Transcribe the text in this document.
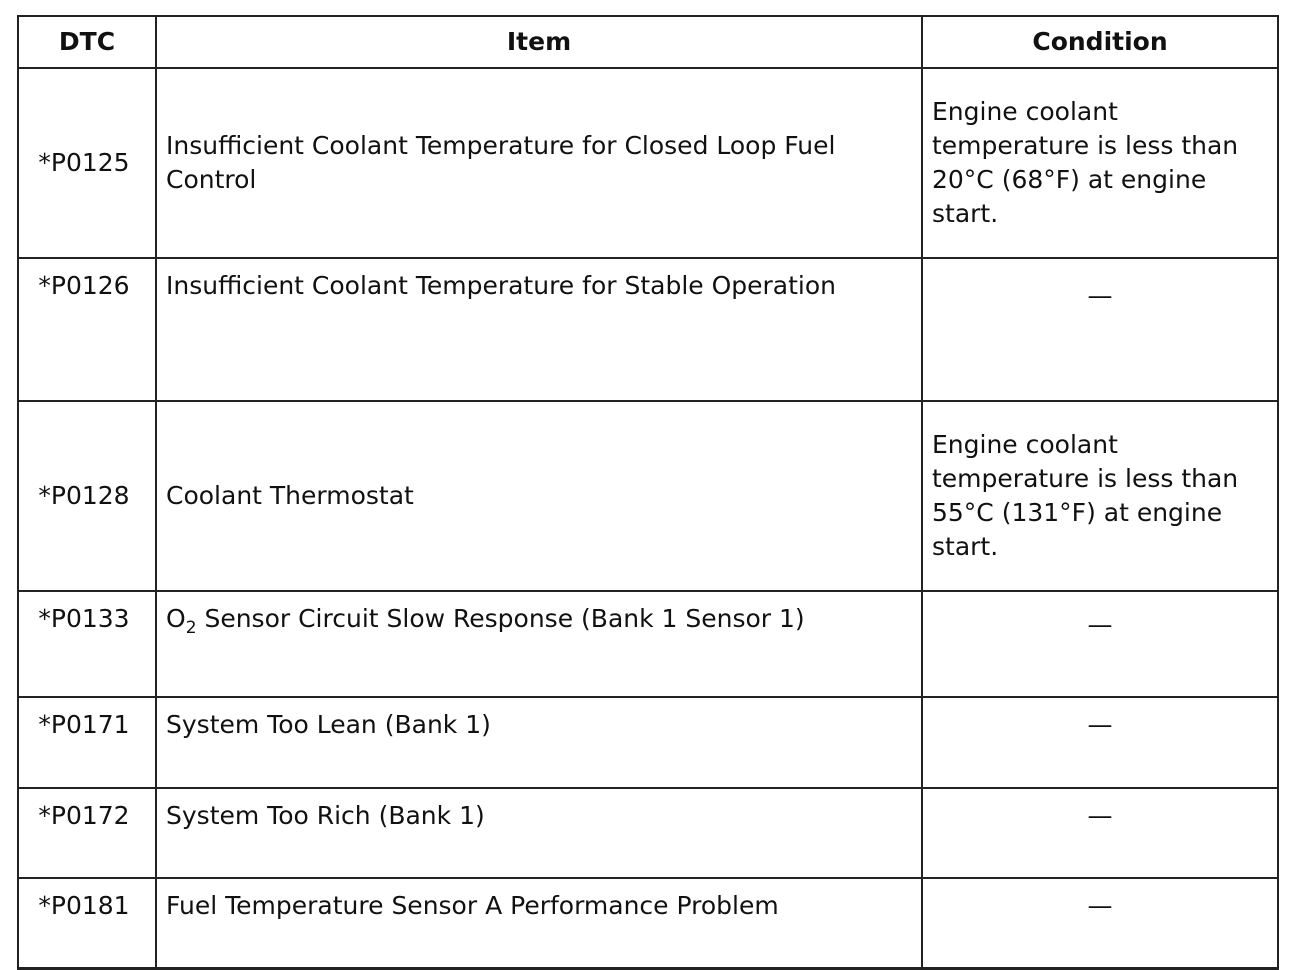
DTC	Item	Condition
*P0125	Insufficient Coolant Temperature for Closed Loop Fuel Control	Engine coolant temperature is less than 20°C (68°F) at engine start.
*P0126	Insufficient Coolant Temperature for Stable Operation	—
*P0128	Coolant Thermostat	Engine coolant temperature is less than 55°C (131°F) at engine start.
*P0133	$O_2$ Sensor Circuit Slow Response (Bank 1 Sensor 1)	—
*P0171	System Too Lean (Bank 1)	—
*P0172	System Too Rich (Bank 1)	—
*P0181	Fuel Temperature Sensor A Performance Problem	—
